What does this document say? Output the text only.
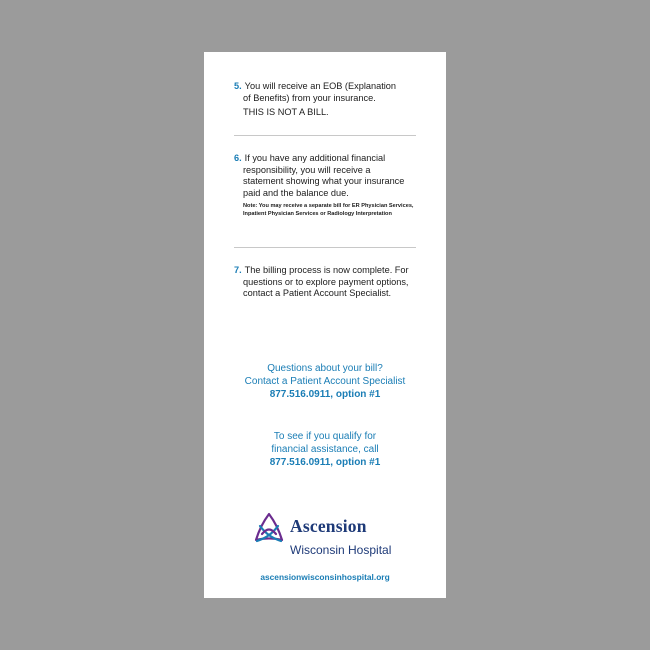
5. You will receive an EOB (Explanation
of Benefits) from your insurance.
THIS IS NOT A BILL.
6. If you have any additional financial
responsibility, you will receive a
statement showing what your insurance
paid and the balance due.
Note: You may receive a separate bill for ER Physician Services, Inpatient Physician Services or Radiology Interpretation
7. The billing process is now complete. For
questions or to explore payment options,
contact a Patient Account Specialist.
Questions about your bill?
Contact a Patient Account Specialist
877.516.0911, option #1
To see if you qualify for
financial assistance, call
877.516.0911, option #1
Ascension
Wisconsin Hospital
ascensionwisconsinhospital.org
